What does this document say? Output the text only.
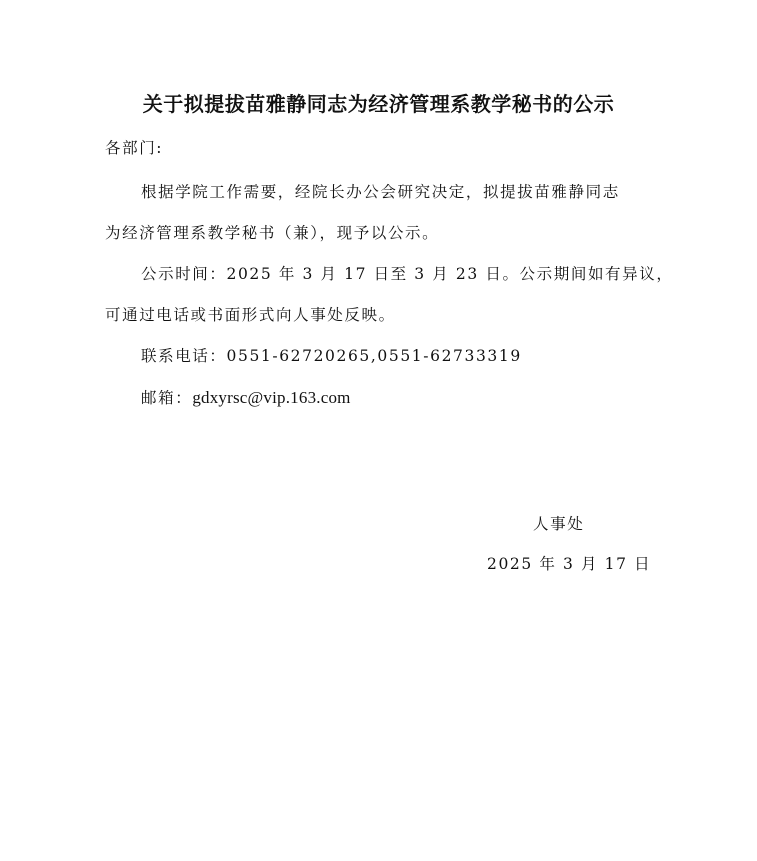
关于拟提拔苗雅静同志为经济管理系教学秘书的公示
各部门:
根据学院工作需要，经院长办公会研究决定，拟提拔苗雅静同志
为经济管理系教学秘书（兼），现予以公示。
公示时间：2025 年 3 月 17 日至 3 月 23 日。公示期间如有异议，
可通过电话或书面形式向人事处反映。
联系电话：0551-62720265,0551-62733319
邮箱：gdxyrsc@vip.163.com
人事处
2025 年 3 月 17 日
